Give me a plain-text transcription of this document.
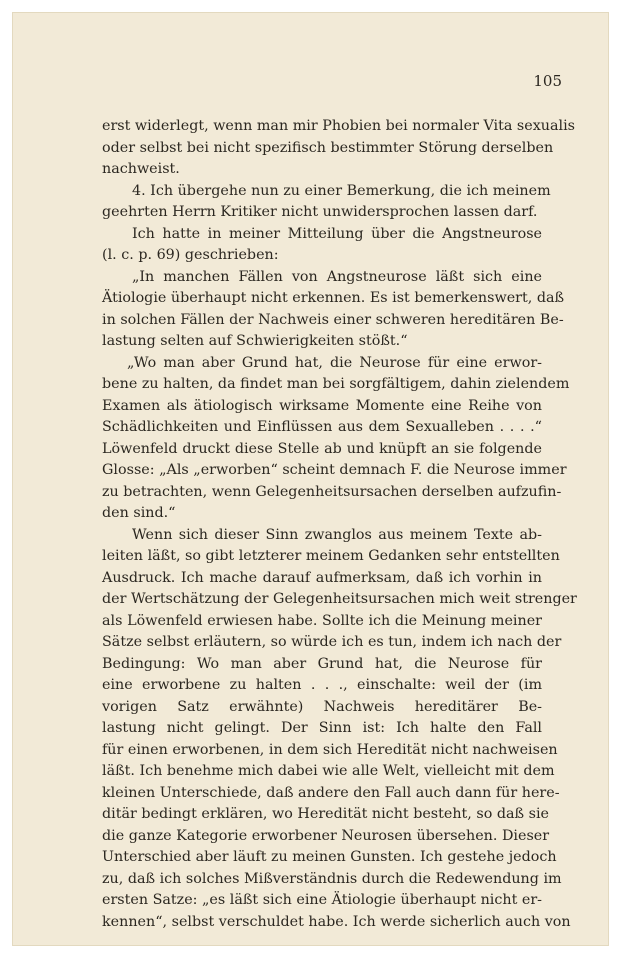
105
erst widerlegt, wenn man mir Phobien bei normaler Vita sexualis
oder selbst bei nicht spezifisch bestimmter Störung derselben
nachweist.
4. Ich übergehe nun zu einer Bemerkung, die ich meinem
geehrten Herrn Kritiker nicht unwidersprochen lassen darf.
Ich hatte in meiner Mitteilung über die Angstneurose
(l. c. p. 69) geschrieben:
„In manchen Fällen von Angstneurose läßt sich eine
Ätiologie überhaupt nicht erkennen. Es ist bemerkenswert, daß
in solchen Fällen der Nachweis einer schweren hereditären Be-
lastung selten auf Schwierigkeiten stößt.“
„Wo man aber Grund hat, die Neurose für eine erwor-
bene zu halten, da findet man bei sorgfältigem, dahin zielendem
Examen als ätiologisch wirksame Momente eine Reihe von
Schädlichkeiten und Einflüssen aus dem Sexualleben . . . .“
Löwenfeld druckt diese Stelle ab und knüpft an sie folgende
Glosse: „Als „erworben“ scheint demnach F. die Neurose immer
zu betrachten, wenn Gelegenheitsursachen derselben aufzufin-
den sind.“
Wenn sich dieser Sinn zwanglos aus meinem Texte ab-
leiten läßt, so gibt letzterer meinem Gedanken sehr entstellten
Ausdruck. Ich mache darauf aufmerksam, daß ich vorhin in
der Wertschätzung der Gelegenheitsursachen mich weit strenger
als Löwenfeld erwiesen habe. Sollte ich die Meinung meiner
Sätze selbst erläutern, so würde ich es tun, indem ich nach der
Bedingung: Wo man aber Grund hat, die Neurose für
eine erworbene zu halten . . ., einschalte: weil der (im
vorigen Satz erwähnte) Nachweis hereditärer Be-
lastung nicht gelingt. Der Sinn ist: Ich halte den Fall
für einen erworbenen, in dem sich Heredität nicht nachweisen
läßt. Ich benehme mich dabei wie alle Welt, vielleicht mit dem
kleinen Unterschiede, daß andere den Fall auch dann für here-
ditär bedingt erklären, wo Heredität nicht besteht, so daß sie
die ganze Kategorie erworbener Neurosen übersehen. Dieser
Unterschied aber läuft zu meinen Gunsten. Ich gestehe jedoch
zu, daß ich solches Mißverständnis durch die Redewendung im
ersten Satze: „es läßt sich eine Ätiologie überhaupt nicht er-
kennen“, selbst verschuldet habe. Ich werde sicherlich auch von
